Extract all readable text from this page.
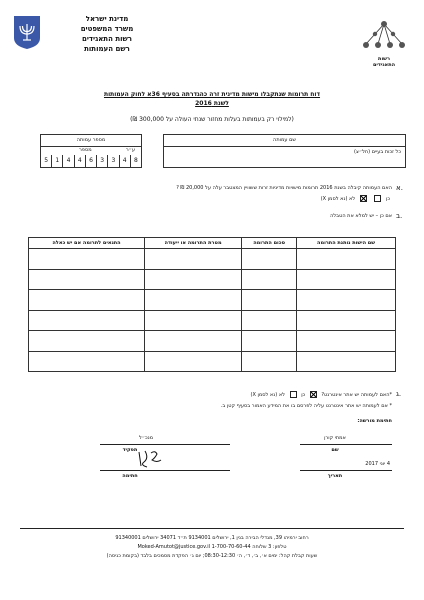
מדינת ישראל
משרד המשפטים
רשות התאגידים
רשם העמותות
רשות
התאגידים
דוח תרומות שנתקבלו מישות מדינית זרה כהגדרתה בסעיף 36א לחוק העמותות
לשנת 2016
(למילוי רק בעמותות בעלות מחזור שנתי העולה על 300,000 ₪)
שם עמותה
כל זכות בעיים (חל״צ)
מספר עמותה
ע״ר
מספר
5	1	4	4	6	3	3	4	8
א.
האם העמותה קיבלה בשנת 2016 תרומות מישויות מדיניות זרות ששוויין המצטבר עלה על 20,000 ₪ ?
כן
לא (נא לסמן X)
ב.
אם כן – יש למלא את הטבלה
שם הישות נותנת התרומה	סכום התרומה	מטרת התרומה או ייעודה	התנאים לתרומה אם יש כאלה

ג.
*האם לעמותה יש אתר אינטרנט?
כן  לא (נא לסמן X)
* אם לעמותה יש אתר אינטרנט עליה לפרסם בו את המידע האמור בסעיף קטן ב.
חתימת מורשה:
אמתי קורן
שם
מנכ״ל
תפקיד
4 יוני 2017
תאריך
חתימה
רחוב ירמיהו 39, מגדלי הבירה בנין 1, ירושלים 9134001 ת״ד 34071 ירושלים 91340001
טלפון: 3 שלוחה 1-700-70-60-44 Moked-Amutot@justice.gov.il
שעות קבלת קהל: ימים א׳, ב׳, ד׳, ה׳ 08:30-12:30; יום ג׳ הפקדת מסמכים בלבד (בקומת כניסה)
